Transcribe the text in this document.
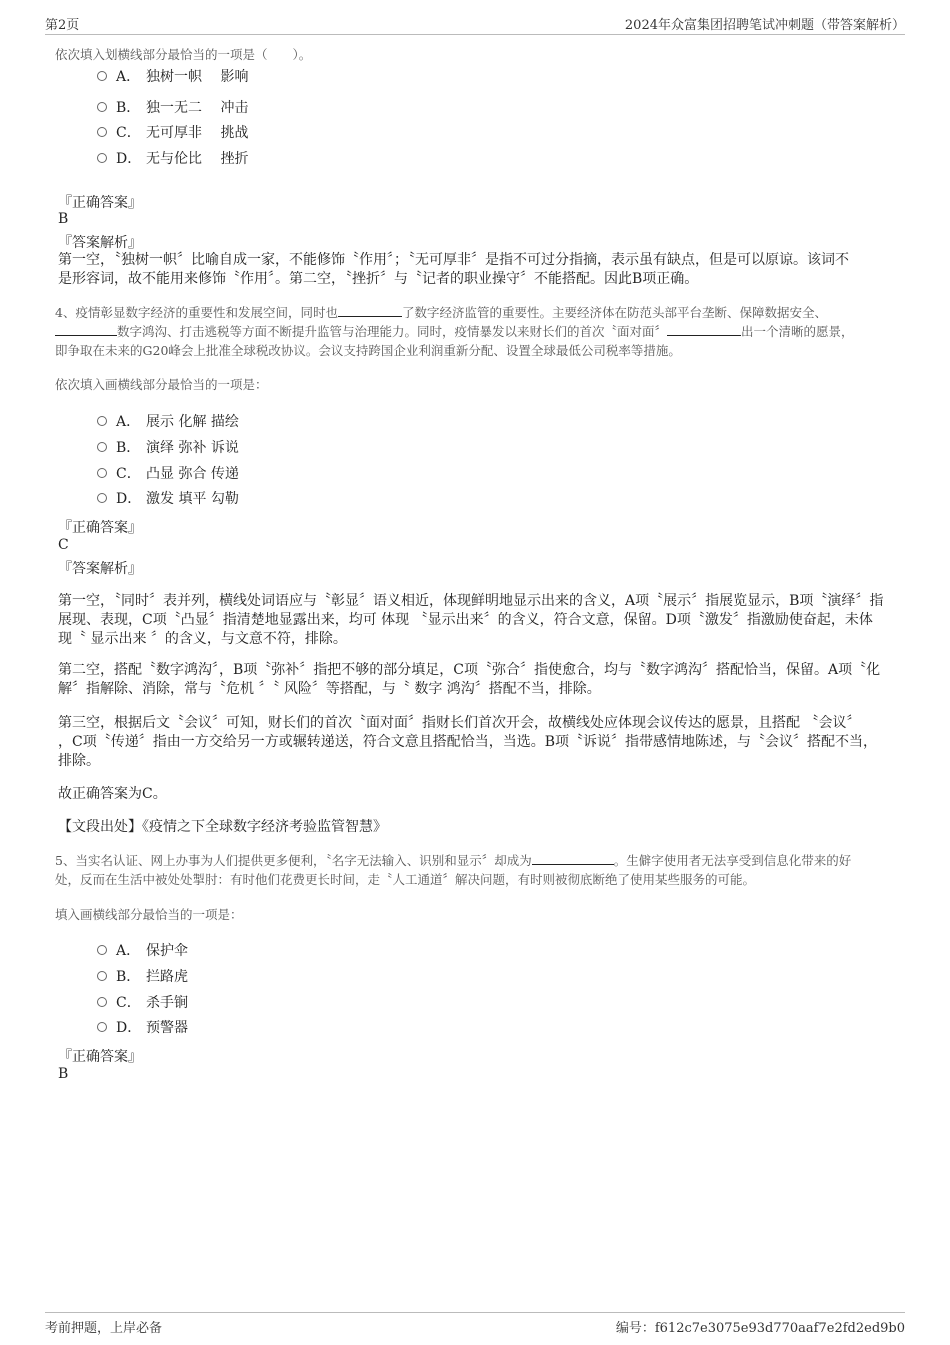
第2页	2024年众富集团招聘笔试冲刺题（带答案解析）
依次填入划横线部分最恰当的一项是（　　）。
A． 独树一帜　 影响
B． 独一无二　 冲击
C． 无可厚非　 挑战
D． 无与伦比　 挫折
『正确答案』
B
『答案解析』
第一空，〝独树一帜〞比喻自成一家，不能修饰〝作用〞；〝无可厚非〞是指不可过分指摘，表示虽有缺点，但是可以原谅。该词不
是形容词，故不能用来修饰〝作用〞。第二空，〝挫折〞与〝记者的职业操守〞不能搭配。因此B项正确。
4、疫情彰显数字经济的重要性和发展空间，同时也	了数字经济监管的重要性。主要经济体在防范头部平台垄断、保障数据安全、
数字鸿沟、打击逃税等方面不断提升监管与治理能力。同时，疫情暴发以来财长们的首次〝面对面〞	出一个清晰的愿景，
即争取在未来的G20峰会上批准全球税改协议。会议支持跨国企业利润重新分配、设置全球最低公司税率等措施。
依次填入画横线部分最恰当的一项是：
A． 展示 化解 描绘
B． 演绎 弥补 诉说
C． 凸显 弥合 传递
D． 激发 填平 勾勒
『正确答案』
C
『答案解析』
第一空，〝同时〞表并列，横线处词语应与〝彰显〞语义相近，体现鲜明地显示出来的含义，A项〝展示〞指展览显示，B项〝演绎〞指
展现、表现，C项〝凸显〞指清楚地显露出来，均可 体现 〝显示出来〞的含义，符合文意，保留。D项〝激发〞指激励使奋起，未体
现〝 显示出来 〞的含义，与文意不符，排除。
第二空，搭配〝数字鸿沟〞，B项〝弥补〞指把不够的部分填足，C项〝弥合〞指使愈合，均与〝数字鸿沟〞搭配恰当，保留。A项〝化
解〞指解除、消除，常与〝危机 〞〝 风险〞等搭配，与〝 数字 鸿沟〞搭配不当，排除。
第三空，根据后文〝会议〞可知，财长们的首次〝面对面〞指财长们首次开会，故横线处应体现会议传达的愿景，且搭配 〝会议〞
，C项〝传递〞指由一方交给另一方或辗转递送，符合文意且搭配恰当，当选。B项〝诉说〞指带感情地陈述，与〝会议〞搭配不当，
排除。
故正确答案为C。
【文段出处】《疫情之下全球数字经济考验监管智慧》
5、当实名认证、网上办事为人们提供更多便利，〝名字无法输入、识别和显示〞却成为	。生僻字使用者无法享受到信息化带来的好
处，反而在生活中被处处掣肘：有时他们花费更长时间，走〝人工通道〞解决问题，有时则被彻底断绝了使用某些服务的可能。
填入画横线部分最恰当的一项是：
A． 保护伞
B． 拦路虎
C． 杀手锏
D． 预警器
『正确答案』
B
考前押题，上岸必备	编号：f612c7e3075e93d770aaf7e2fd2ed9b0
